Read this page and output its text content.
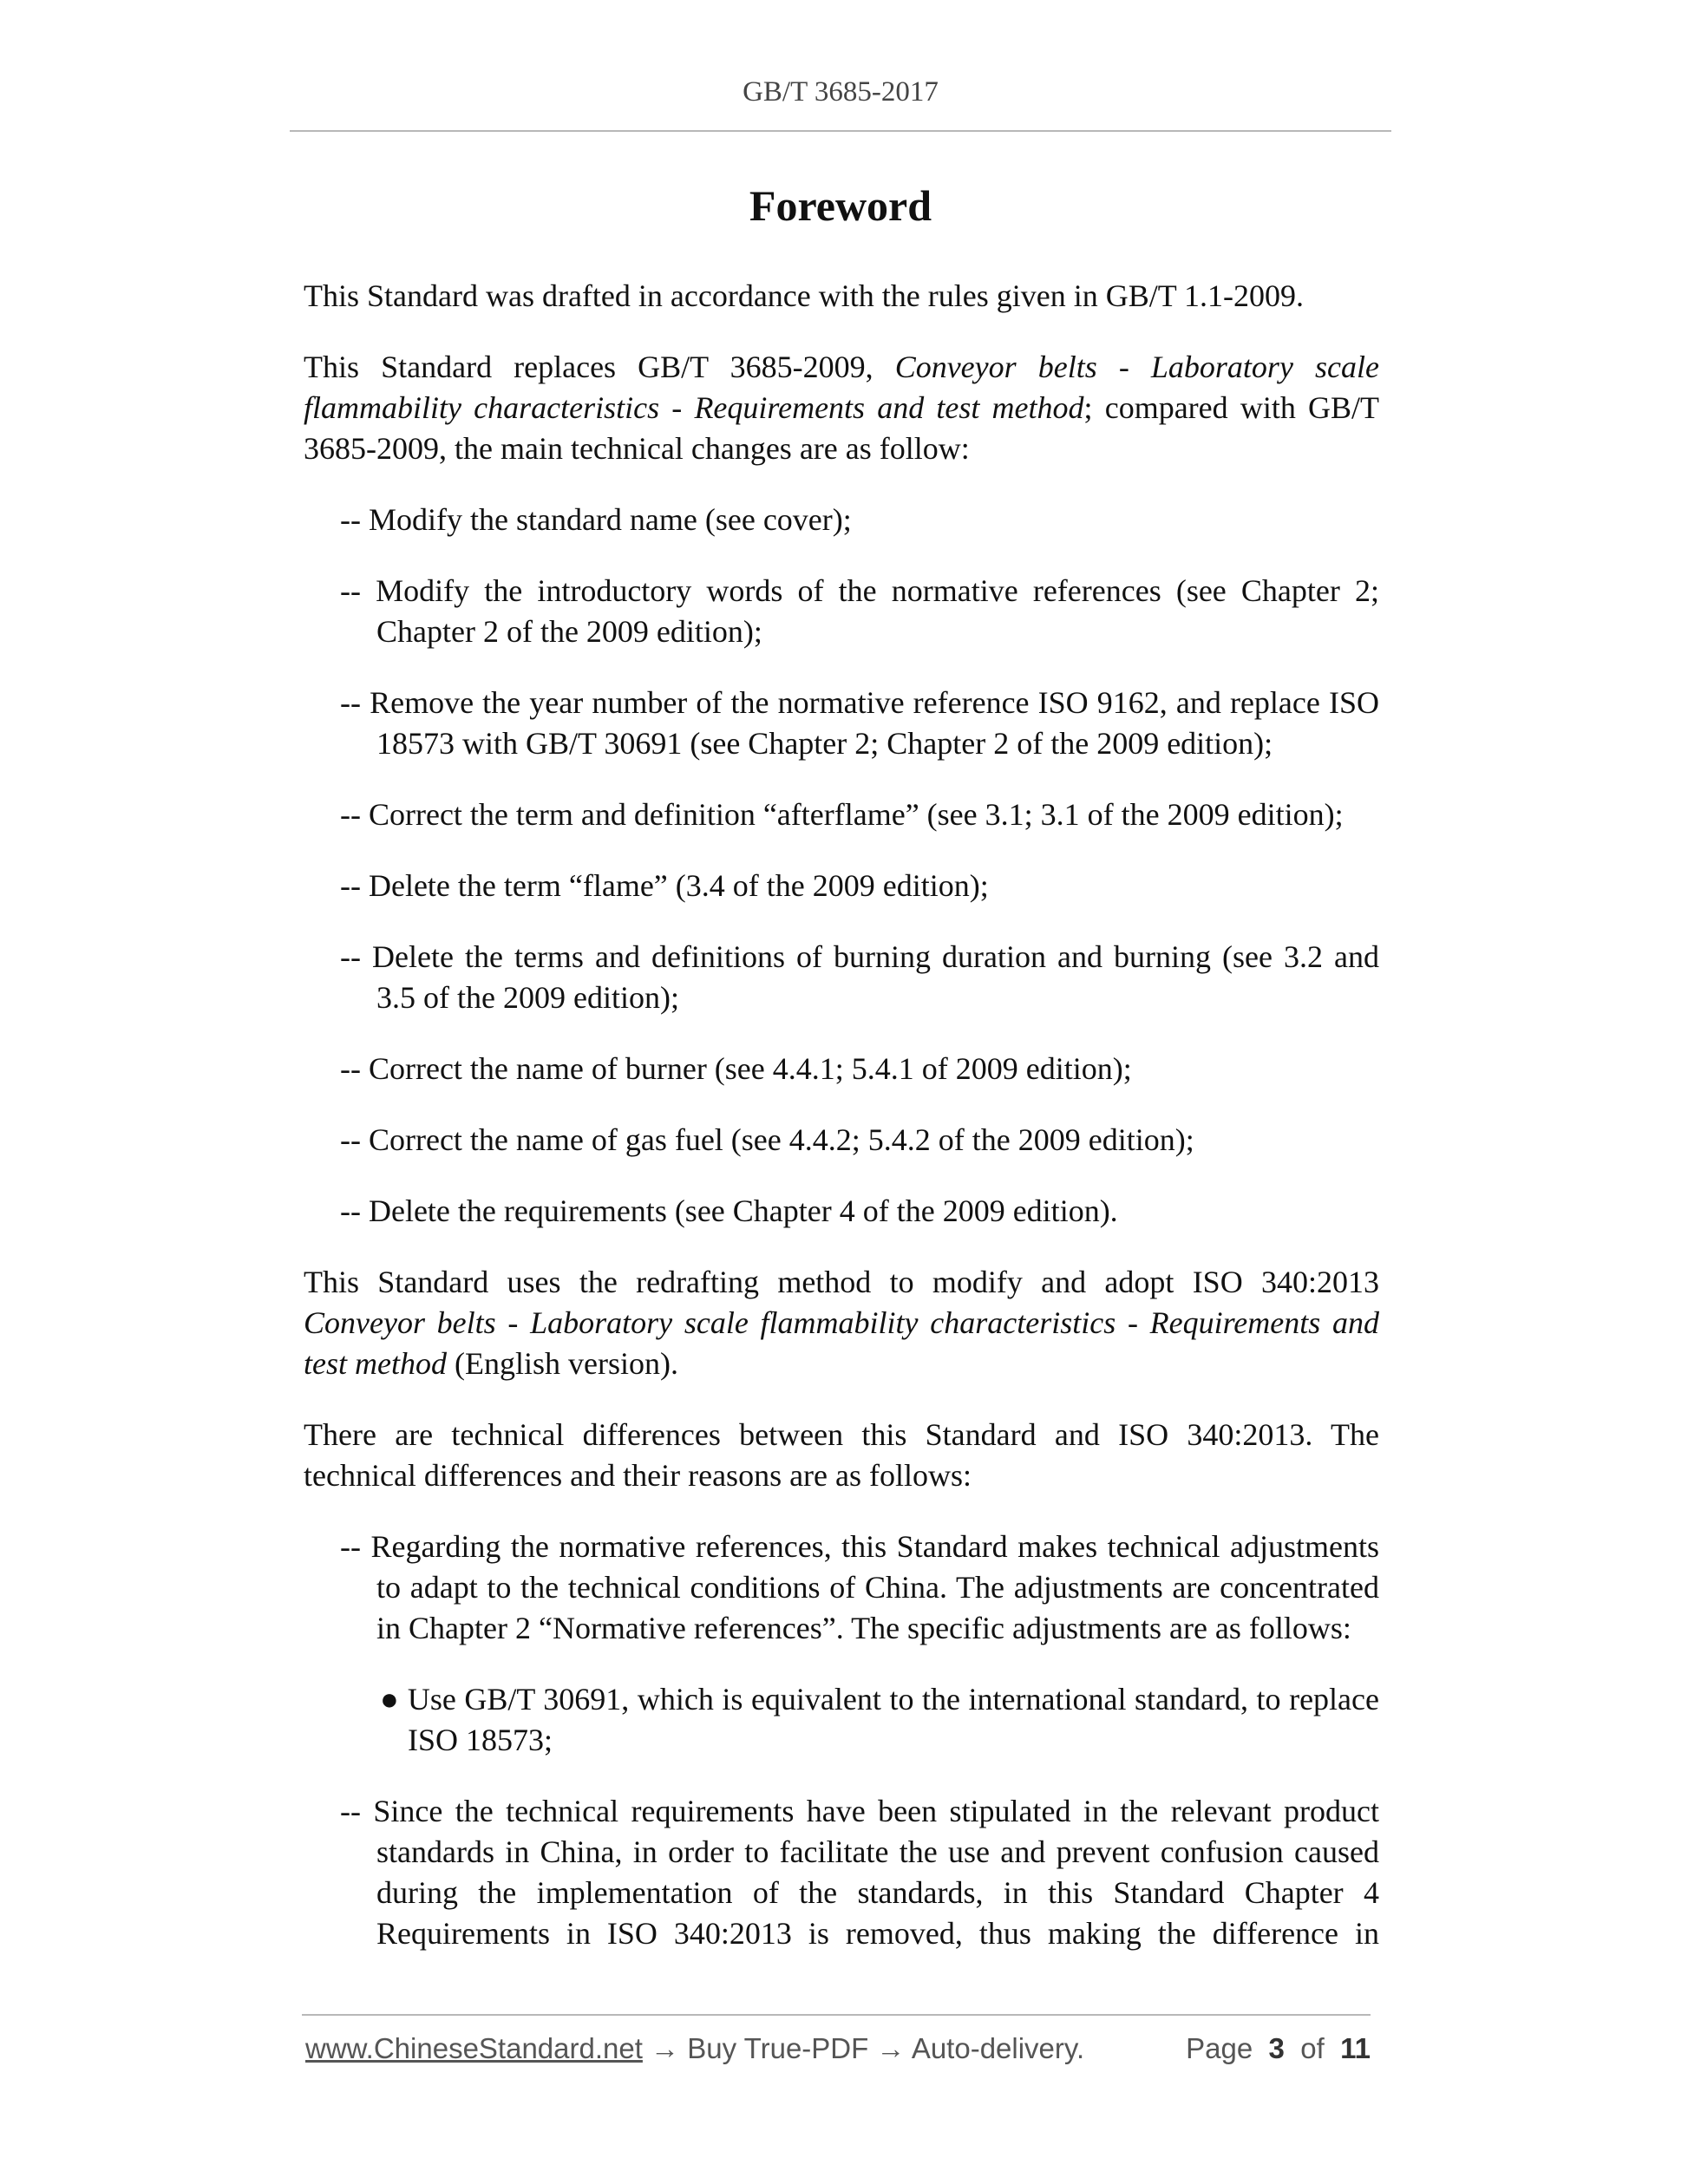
GB/T 3685-2017
Foreword

This Standard was drafted in accordance with the rules given in GB/T 1.1-2009.

This Standard replaces GB/T 3685-2009, Conveyor belts - Laboratory scale flammability characteristics - Requirements and test method; compared with GB/T 3685-2009, the main technical changes are as follow:

-- Modify the standard name (see cover);

-- Modify the introductory words of the normative references (see Chapter 2; Chapter 2 of the 2009 edition);

-- Remove the year number of the normative reference ISO 9162, and replace ISO 18573 with GB/T 30691 (see Chapter 2; Chapter 2 of the 2009 edition);

-- Correct the term and definition “afterflame” (see 3.1; 3.1 of the 2009 edition);

-- Delete the term “flame” (3.4 of the 2009 edition);

-- Delete the terms and definitions of burning duration and burning (see 3.2 and 3.5 of the 2009 edition);

-- Correct the name of burner (see 4.4.1; 5.4.1 of 2009 edition);

-- Correct the name of gas fuel (see 4.4.2; 5.4.2 of the 2009 edition);

-- Delete the requirements (see Chapter 4 of the 2009 edition).

This Standard uses the redrafting method to modify and adopt ISO 340:2013 Conveyor belts - Laboratory scale flammability characteristics - Requirements and test method (English version).

There are technical differences between this Standard and ISO 340:2013. The technical differences and their reasons are as follows:

-- Regarding the normative references, this Standard makes technical adjustments to adapt to the technical conditions of China. The adjustments are concentrated in Chapter 2 “Normative references”. The specific adjustments are as follows:

● Use GB/T 30691, which is equivalent to the international standard, to replace ISO 18573;

-- Since the technical requirements have been stipulated in the relevant product standards in China, in order to facilitate the use and prevent confusion caused during the implementation of the standards, in this Standard Chapter 4 Requirements in ISO 340:2013 is removed, thus making the difference in

www.ChineseStandard.net → Buy True-PDF → Auto-delivery.	Page 3 of 11
